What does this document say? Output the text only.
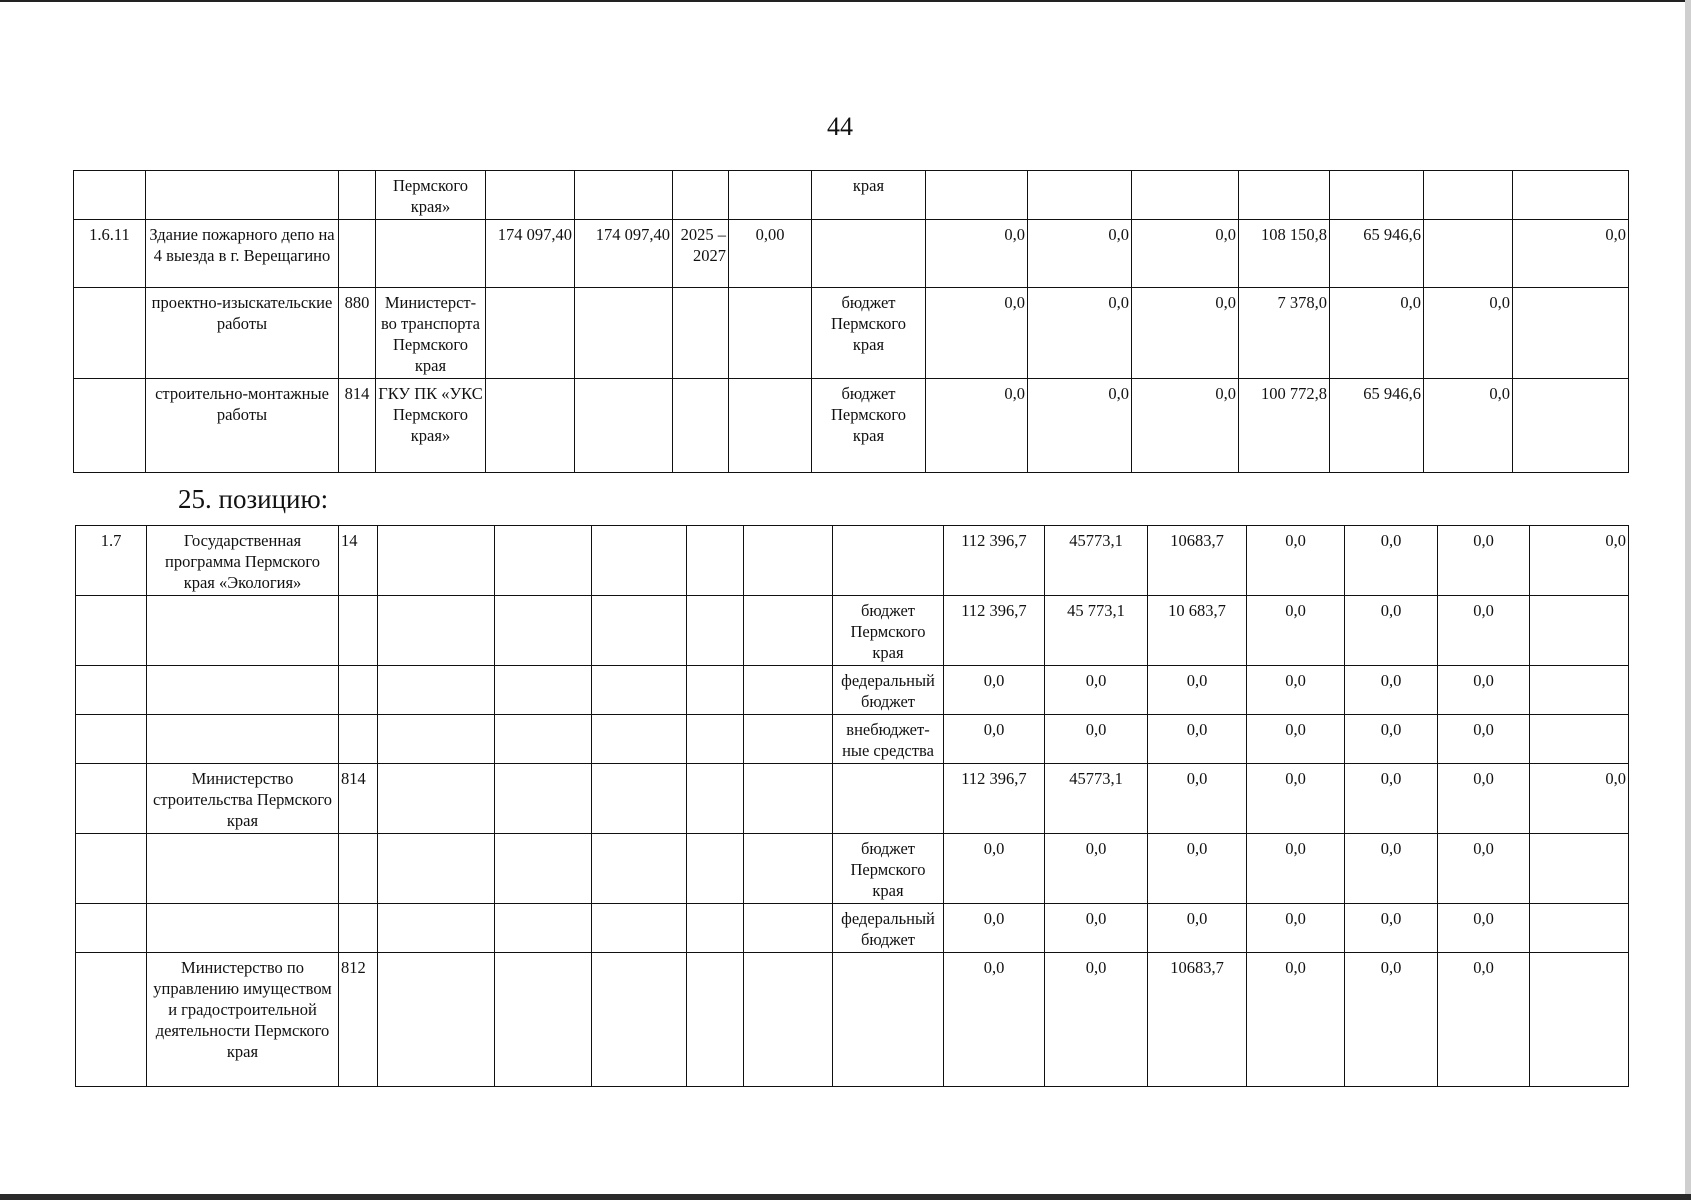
44
			Пермского края»					края							
1.6.11	Здание пожарного депо на 4 выезда в г. Верещагино			174 097,40	174 097,40	2025 – 2027	0,00		0,0	0,0	0,0	108 150,8	65 946,6		0,0
	проектно-изыскательские работы	880	Министерст-во транспорта Пермского края					бюджет Пермского края	0,0	0,0	0,0	7 378,0	0,0	0,0	
	строительно-монтажные работы	814	ГКУ ПК «УКС Пермского края»					бюджет Пермского края	0,0	0,0	0,0	100 772,8	65 946,6	0,0	
25. позицию:
1.7	Государственная программа Пермского края «Экология»	14							112 396,7	45773,1	10683,7	0,0	0,0	0,0	0,0
								бюджет Пермского края	112 396,7	45 773,1	10 683,7	0,0	0,0	0,0	
								федеральный бюджет	0,0	0,0	0,0	0,0	0,0	0,0	
								внебюджет-ные средства	0,0	0,0	0,0	0,0	0,0	0,0	
	Министерство строительства Пермского края	814							112 396,7	45773,1	0,0	0,0	0,0	0,0	0,0
								бюджет Пермского края	0,0	0,0	0,0	0,0	0,0	0,0	
								федеральный бюджет	0,0	0,0	0,0	0,0	0,0	0,0	
	Министерство по управлению имуществом и градостроительной деятельности Пермского края	812							0,0	0,0	10683,7	0,0	0,0	0,0	
